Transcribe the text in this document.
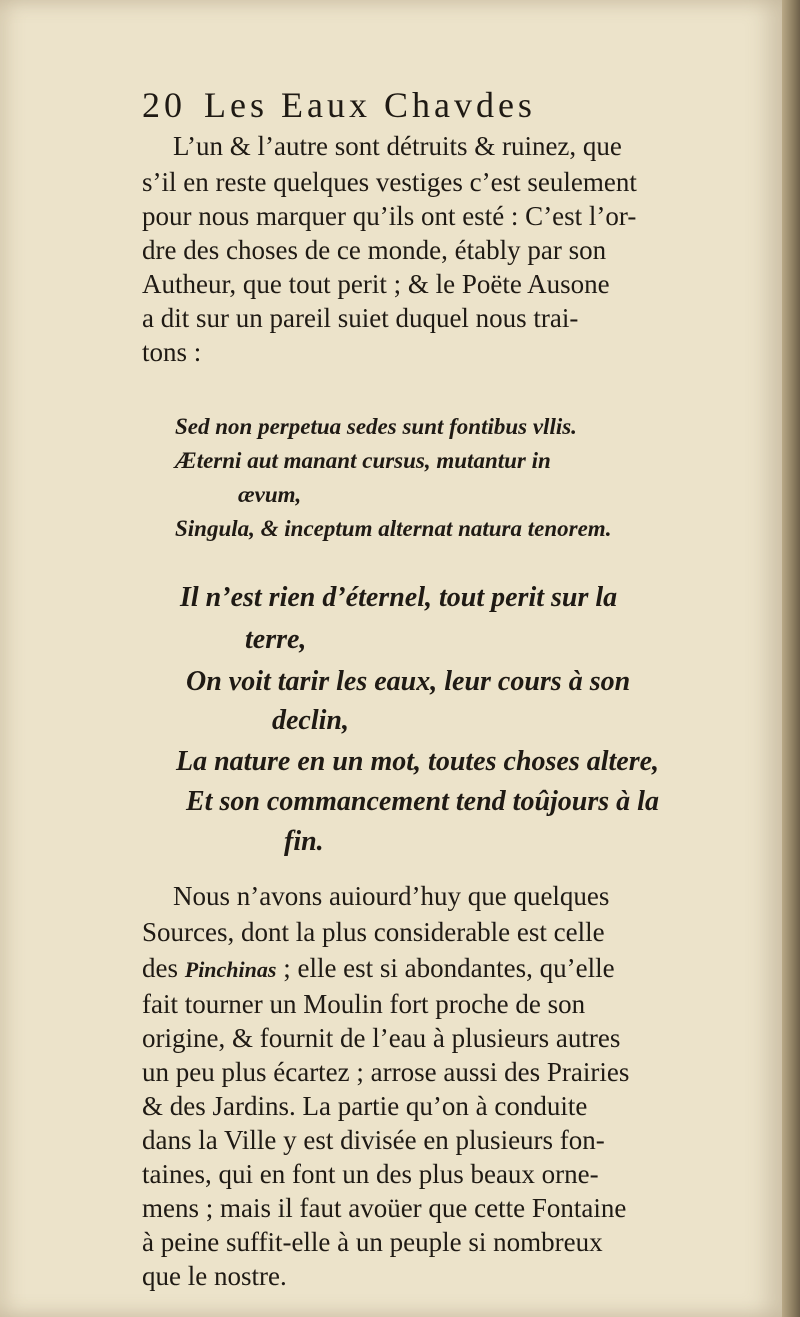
20 Les Eaux Chavdes
L’un & l’autre sont détruits & ruinez, que
s’il en reste quelques vestiges c’est seulement
pour nous marquer qu’ils ont esté : C’est l’or-
dre des choses de ce monde, étably par son
Autheur, que tout perit ; & le Poëte Ausone
a dit sur un pareil suiet duquel nous trai-
tons :
Sed non perpetua sedes sunt fontibus vllis.
Æterni aut manant cursus, mutantur in
ævum,
Singula, & inceptum alternat natura tenorem.
Il n’est rien d’éternel, tout perit sur la
terre,
On voit tarir les eaux, leur cours à son
declin,
La nature en un mot, toutes choses altere,
Et son commancement tend toûjours à la
fin.
Nous n’avons auiourd’huy que quelques
Sources, dont la plus considerable est celle
des Pinchinas ; elle est si abondantes, qu’elle
fait tourner un Moulin fort proche de son
origine, & fournit de l’eau à plusieurs autres
un peu plus écartez ; arrose aussi des Prairies
& des Jardins. La partie qu’on à conduite
dans la Ville y est divisée en plusieurs fon-
taines, qui en font un des plus beaux orne-
mens ; mais il faut avoüer que cette Fontaine
à peine suffit-elle à un peuple si nombreux
que le nostre.
